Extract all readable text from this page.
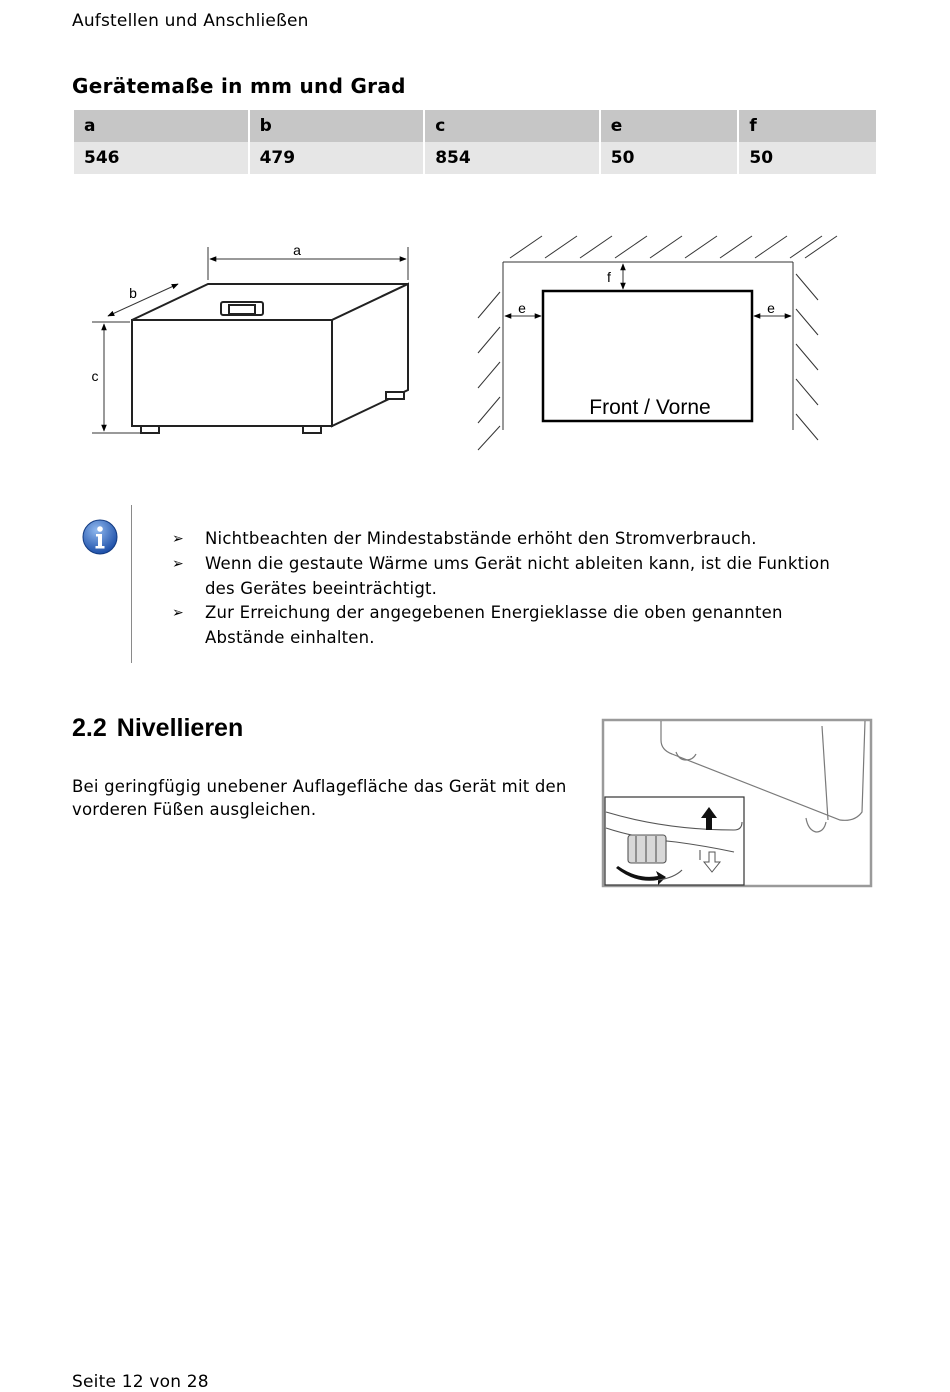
Aufstellen und Anschließen
Gerätemaße in mm und Grad
a	b	c	e	f
546	479	854	50	50
a
b
c
f
e	e
Front / Vorne
➢ Nichtbeachten der Mindestabstände erhöht den Stromverbrauch.
➢ Wenn die gestaute Wärme ums Gerät nicht ableiten kann, ist die Funktion des Gerätes beeinträchtigt.
➢ Zur Erreichung der angegebenen Energieklasse die oben genannten Abstände einhalten.
2.2 Nivellieren
Bei geringfügig unebener Auflagefläche das Gerät mit den vorderen Füßen ausgleichen.
Seite 12 von 28
